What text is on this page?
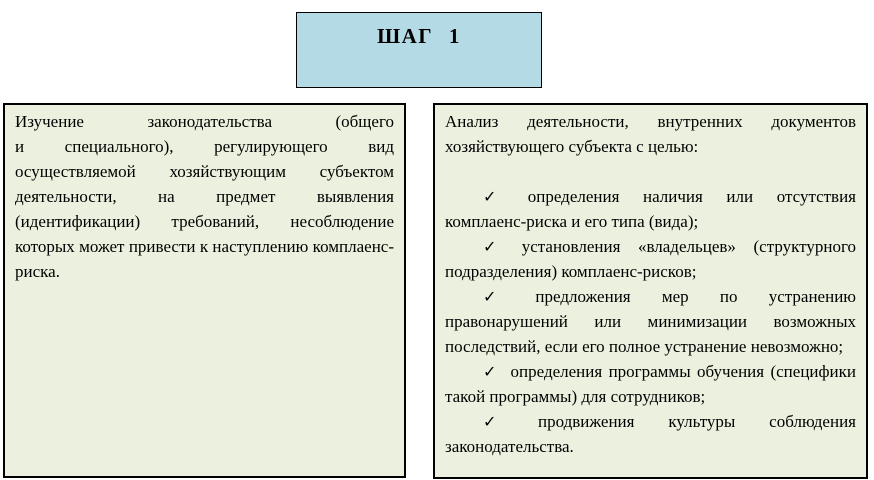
ШАГ 1

Изучение законодательства (общего и специального), регулирующего вид осуществляемой хозяйствующим субъектом деятельности, на предмет выявления (идентификации) требований, несоблюдение которых может привести к наступлению комплаенс-риска.

Анализ деятельности, внутренних документов хозяйствующего субъекта с целью:

✓ определения наличия или отсутствия комплаенс-риска и его типа (вида);

✓ установления «владельцев» (структурного подразделения) комплаенс-рисков;

✓ предложения мер по устранению правонарушений или минимизации возможных последствий, если его полное устранение невозможно;

✓ определения программы обучения (специфики такой программы) для сотрудников;

✓ продвижения культуры соблюдения законодательства.
